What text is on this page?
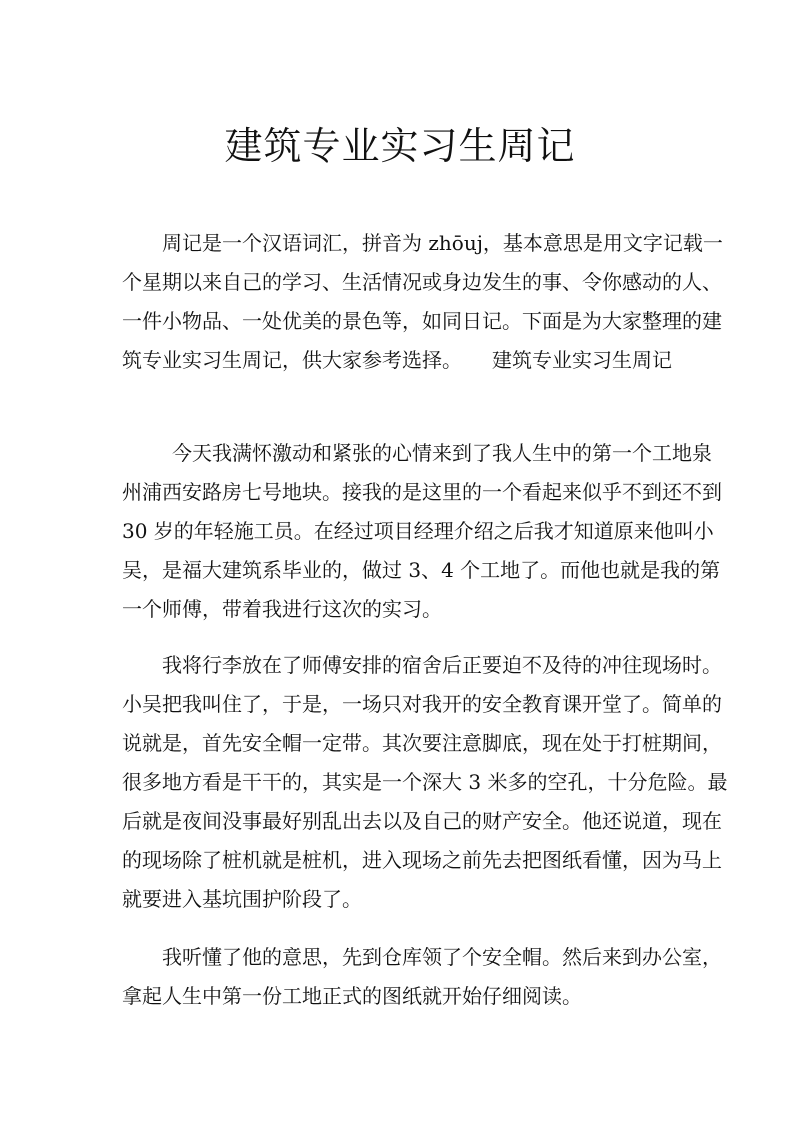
建筑专业实习生周记

周记是一个汉语词汇，拼音为 zhōuj，基本意思是用文字记载一
个星期以来自己的学习、生活情况或身边发生的事、令你感动的人、
一件小物品、一处优美的景色等，如同日记。下面是为大家整理的建
筑专业实习生周记，供大家参考选择。　　建筑专业实习生周记

今天我满怀激动和紧张的心情来到了我人生中的第一个工地泉
州浦西安路房七号地块。接我的是这里的一个看起来似乎不到还不到
30 岁的年轻施工员。在经过项目经理介绍之后我才知道原来他叫小
吴，是福大建筑系毕业的，做过 3、4 个工地了。而他也就是我的第
一个师傅，带着我进行这次的实习。

我将行李放在了师傅安排的宿舍后正要迫不及待的冲往现场时。
小吴把我叫住了，于是，一场只对我开的安全教育课开堂了。简单的
说就是，首先安全帽一定带。其次要注意脚底，现在处于打桩期间，
很多地方看是干干的，其实是一个深大 3 米多的空孔，十分危险。最
后就是夜间没事最好别乱出去以及自己的财产安全。他还说道，现在
的现场除了桩机就是桩机，进入现场之前先去把图纸看懂，因为马上
就要进入基坑围护阶段了。

我听懂了他的意思，先到仓库领了个安全帽。然后来到办公室，
拿起人生中第一份工地正式的图纸就开始仔细阅读。
